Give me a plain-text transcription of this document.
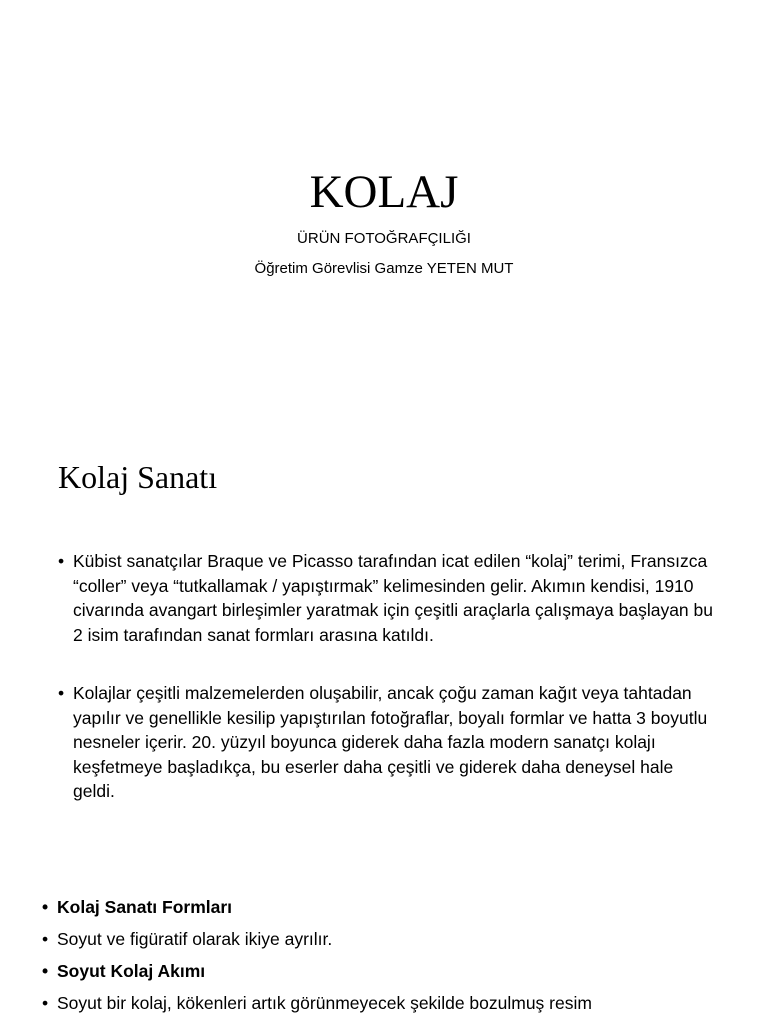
KOLAJ
ÜRÜN FOTOĞRAFÇILIĞI
Öğretim Görevlisi Gamze YETEN MUT
Kolaj Sanatı
• Kübist sanatçılar Braque ve Picasso tarafından icat edilen “kolaj” terimi, Fransızca “coller” veya “tutkallamak / yapıştırmak” kelimesinden gelir. Akımın kendisi, 1910 civarında avangart birleşimler yaratmak için çeşitli araçlarla çalışmaya başlayan bu 2 isim tarafından sanat formları arasına katıldı.
• Kolajlar çeşitli malzemelerden oluşabilir, ancak çoğu zaman kağıt veya tahtadan yapılır ve genellikle kesilip yapıştırılan fotoğraflar, boyalı formlar ve hatta 3 boyutlu nesneler içerir. 20. yüzyıl boyunca giderek daha fazla modern sanatçı kolajı keşfetmeye başladıkça, bu eserler daha çeşitli ve giderek daha deneysel hale geldi.
• Kolaj Sanatı Formları
• Soyut ve figüratif olarak ikiye ayrılır.
• Soyut Kolaj Akımı
• Soyut bir kolaj, kökenleri artık görünmeyecek şekilde bozulmuş resim
